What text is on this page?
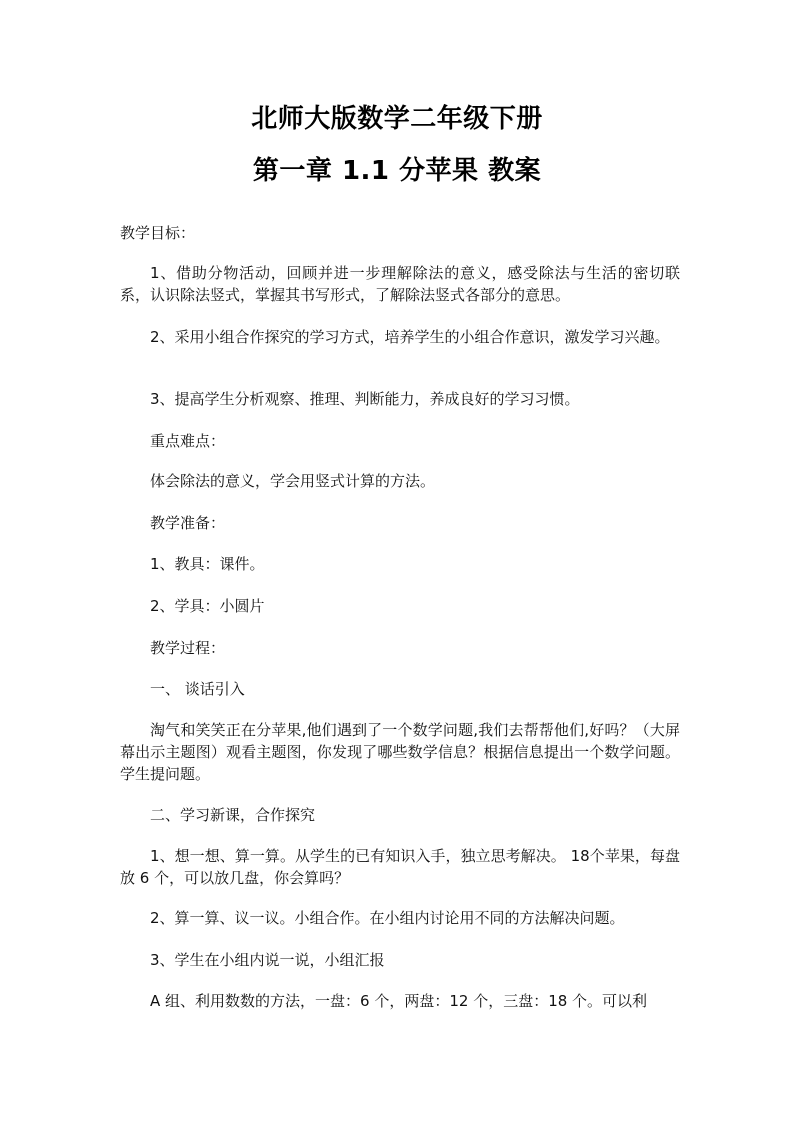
北师大版数学二年级下册
第一章 1.1 分苹果 教案
教学目标：
1、借助分物活动，回顾并进一步理解除法的意义，感受除法与生活的密切联系，认识除法竖式，掌握其书写形式，了解除法竖式各部分的意思。
2、采用小组合作探究的学习方式，培养学生的小组合作意识，激发学习兴趣。
3、提高学生分析观察、推理、判断能力，养成良好的学习习惯。
重点难点：
体会除法的意义，学会用竖式计算的方法。
教学准备：
1、教具：课件。
2、学具：小圆片
教学过程：
一、 谈话引入
淘气和笑笑正在分苹果,他们遇到了一个数学问题,我们去帮帮他们,好吗？（大屏幕出示主题图）观看主题图，你发现了哪些数学信息？根据信息提出一个数学问题。学生提问题。
二、学习新课，合作探究
1、想一想、算一算。从学生的已有知识入手，独立思考解决。 18个苹果，每盘放 6 个，可以放几盘，你会算吗？
2、算一算、议一议。小组合作。在小组内讨论用不同的方法解决问题。
3、学生在小组内说一说，小组汇报
A 组、利用数数的方法，一盘：6 个，两盘：12 个，三盘：18 个。可以利
